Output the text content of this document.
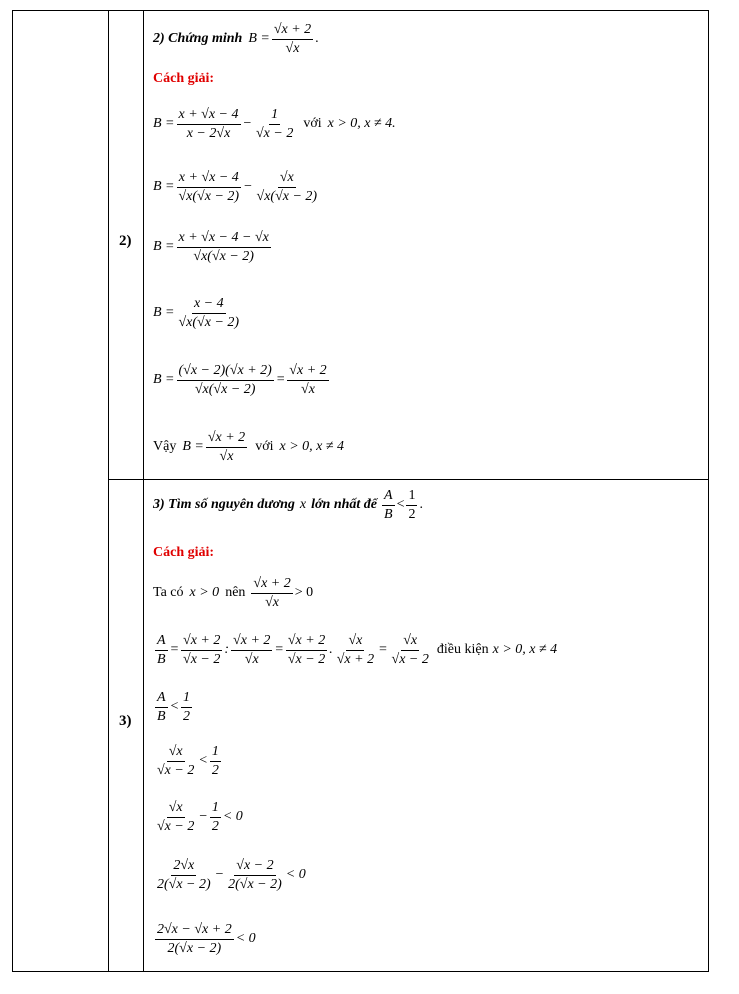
2)
3)
2) Chứng minh $B = \frac{√x + 2}{√x}$ .
Cách giải:
$B = \frac{x + √x - 4}{x - 2√x} - \frac{1}{√x - 2}$ với x > 0, x ≠ 4.
$B = \frac{x + √x - 4}{√x(√x - 2)} - \frac{√x}{√x(√x - 2)}$
$B = \frac{x + √x - 4 - √x}{√x(√x - 2)}$
$B = \frac{x - 4}{√x(√x - 2)}$
$B = \frac{(√x - 2)(√x + 2)}{√x(√x - 2)} = \frac{√x + 2}{√x}$
Vậy $B = \frac{√x + 2}{√x}$ với x > 0, x ≠ 4
3) Tìm số nguyên dương x lớn nhất để $\frac{A}{B} < \frac{1}{2}$ .
Cách giải:
Ta có x > 0 nên $\frac{√x + 2}{√x} > 0$
$\frac{A}{B} = \frac{√x + 2}{√x - 2}$ : $\frac{√x + 2}{√x} = \frac{√x + 2}{√x - 2}$ . $\frac{√x}{√x + 2} = \frac{√x}{√x - 2}$ điều kiện x > 0, x ≠ 4
$\frac{A}{B} < \frac{1}{2}$
$\frac{√x}{√x - 2} < \frac{1}{2}$
$\frac{√x}{√x - 2} - \frac{1}{2} < 0$
$\frac{2√x}{2(√x - 2)} - \frac{√x - 2}{2(√x - 2)} < 0$
$\frac{2√x - √x + 2}{2(√x - 2)} < 0$
